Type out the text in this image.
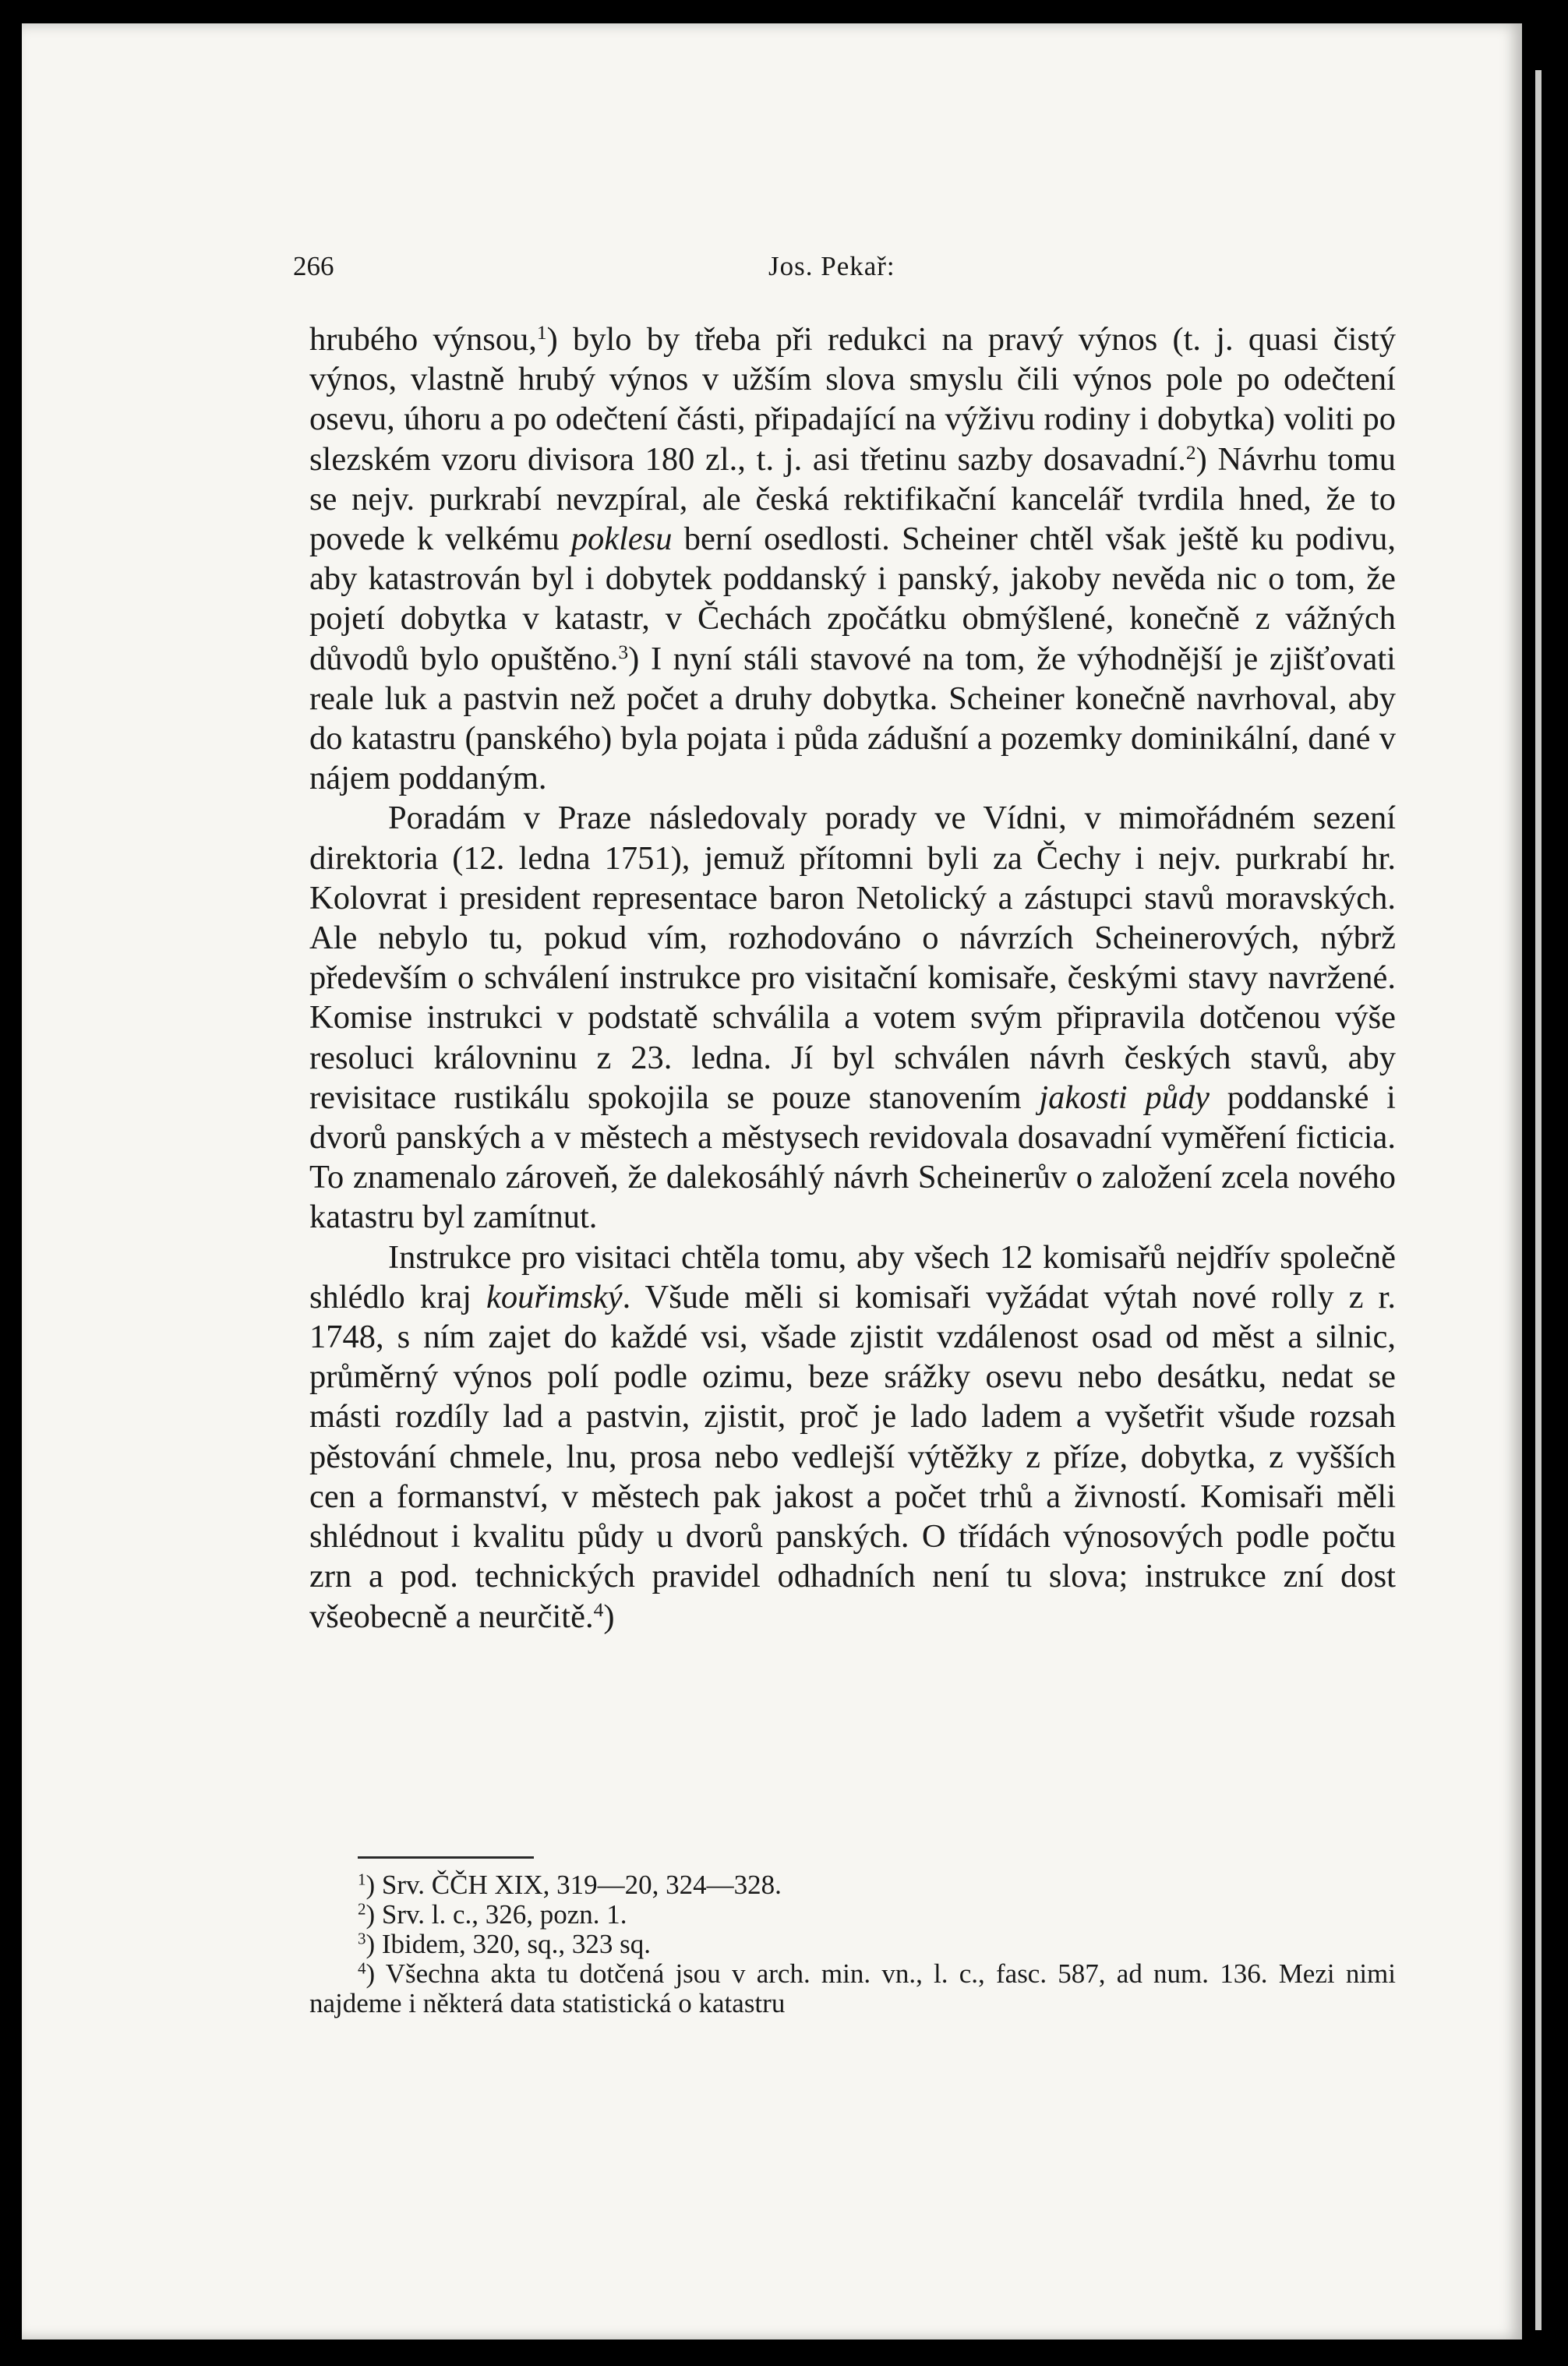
266	Jos. Pekař:

hrubého výnsou,$^1$) bylo by třeba při redukci na pravý výnos (t. j. quasi čistý výnos, vlastně hrubý výnos v užším slova smyslu čili výnos pole po odečtení osevu, úhoru a po odečtení části, připadající na výživu rodiny i dobytka) voliti po slezském vzoru divisora 180 zl., t. j. asi třetinu sazby dosavadní.$^2$) Návrhu tomu se nejv. purkrabí nevzpíral, ale česká rektifikační kancelář tvrdila hned, že to povede k velkému poklesu berní osedlosti. Scheiner chtěl však ještě ku podivu, aby katastrován byl i dobytek poddanský i panský, jakoby nevěda nic o tom, že pojetí dobytka v katastr, v Čechách zpočátku obmýšlené, konečně z vážných důvodů bylo opuštěno.$^3$) I nyní stáli stavové na tom, že výhodnější je zjišťovati reale luk a pastvin než počet a druhy dobytka. Scheiner konečně navrhoval, aby do katastru (panského) byla pojata i půda zádušní a pozemky dominikální, dané v nájem poddaným.

Poradám v Praze následovaly porady ve Vídni, v mimořádném sezení direktoria (12. ledna 1751), jemuž přítomni byli za Čechy i nejv. purkrabí hr. Kolovrat i president representace baron Netolický a zástupci stavů moravských. Ale nebylo tu, pokud vím, rozhodováno o návrzích Scheinerových, nýbrž především o schválení instrukce pro visitační komisaře, českými stavy navržené. Komise instrukci v podstatě schválila a votem svým připravila dotčenou výše resoluci královninu z 23. ledna. Jí byl schválen návrh českých stavů, aby revisitace rustikálu spokojila se pouze stanovením jakosti půdy poddanské i dvorů panských a v městech a městysech revidovala dosavadní vyměření ficticia. To znamenalo zároveň, že dalekosáhlý návrh Scheinerův o založení zcela nového katastru byl zamítnut.

Instrukce pro visitaci chtěla tomu, aby všech 12 komisařů nejdřív společně shlédlo kraj kouřimský. Všude měli si komisaři vyžádat výtah nové rolly z r. 1748, s ním zajet do každé vsi, všade zjistit vzdálenost osad od měst a silnic, průměrný výnos polí podle ozimu, beze srážky osevu nebo desátku, nedat se másti rozdíly lad a pastvin, zjistit, proč je lado ladem a vyšetřit všude rozsah pěstování chmele, lnu, prosa nebo vedlejší výtěžky z příze, dobytka, z vyšších cen a formanství, v městech pak jakost a počet trhů a živností. Komisaři měli shlédnout i kvalitu půdy u dvorů panských. O třídách výnosových podle počtu zrn a pod. technických pravidel odhadních není tu slova; instrukce zní dost všeobecně a neurčitě.$^4$)

$^1$) Srv. ČČH XIX, 319—20, 324—328.

$^2$) Srv. l. c., 326, pozn. 1.

$^3$) Ibidem, 320, sq., 323 sq.

$^4$) Všechna akta tu dotčená jsou v arch. min. vn., l. c., fasc. 587, ad num. 136. Mezi nimi najdeme i některá data statistická o katastru
